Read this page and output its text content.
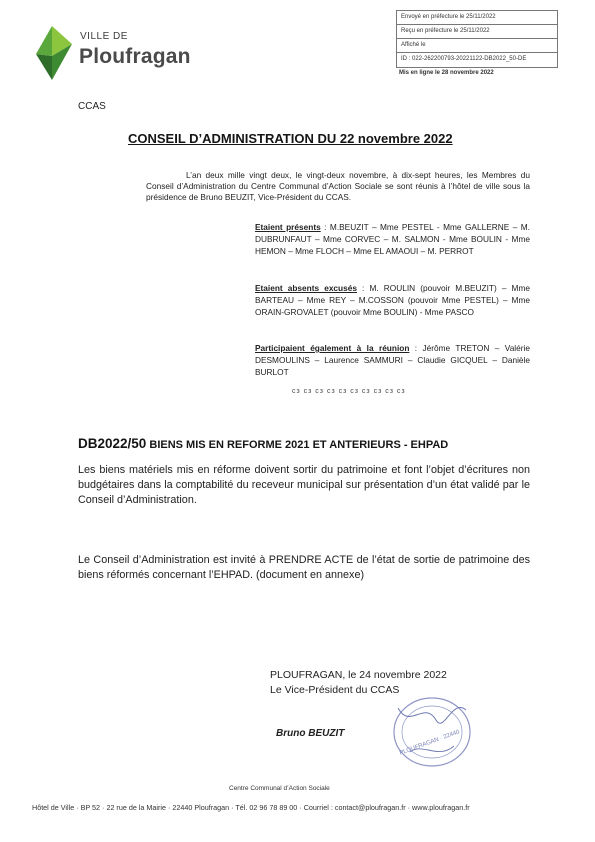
VILLE DE
Ploufragan
Envoyé en préfecture le 25/11/2022
Reçu en préfecture le 25/11/2022
Affiché le
ID : 022-262200793-20221122-DB2022_50-DE
Mis en ligne le 28 novembre 2022
CCAS
CONSEIL D’ADMINISTRATION DU 22 novembre 2022
L’an deux mille vingt deux, le vingt-deux novembre, à dix-sept heures, les Membres du Conseil d’Administration du Centre Communal d’Action Sociale se sont réunis à l’hôtel de ville sous la présidence de Bruno BEUZIT, Vice-Président du CCAS.
Etaient présents : M.BEUZIT – Mme PESTEL - Mme GALLERNE – M. DUBRUNFAUT – Mme CORVEC – M. SALMON - Mme BOULIN - Mme HEMON – Mme FLOCH – Mme EL AMAOUI – M. PERROT
Etaient absents excusés : M. ROULIN (pouvoir M.BEUZIT) – Mme BARTEAU – Mme REY – M.COSSON (pouvoir Mme PESTEL) – Mme ORAIN-GROVALET (pouvoir Mme BOULIN) - Mme PASCO
Participaient également à la réunion : Jérôme TRETON – Valérie DESMOULINS – Laurence SAMMURI – Claudie GICQUEL – Danièle BURLOT
ᴄᴈ ᴄᴈ ᴄᴈ ᴄᴈ ᴄᴈ ᴄᴈ ᴄᴈ ᴄᴈ ᴄᴈ ᴄᴈ
DB2022/50 BIENS MIS EN REFORME 2021 ET ANTERIEURS - EHPAD
Les biens matériels mis en réforme doivent sortir du patrimoine et font l’objet d’écritures non budgétaires dans la comptabilité du receveur municipal sur présentation d’un état validé par le Conseil d’Administration.
Le Conseil d’Administration est invité à PRENDRE ACTE de l’état de sortie de patrimoine des biens réformés concernant l’EHPAD. (document en annexe)
PLOUFRAGAN, le 24 novembre 2022
Le Vice-Président du CCAS
Bruno BEUZIT	PLOUFRAGAN · 22440
Centre Communal d’Action Sociale
Hôtel de Ville · BP 52 · 22 rue de la Mairie · 22440 Ploufragan · Tél. 02 96 78 89 00 · Courriel : contact@ploufragan.fr · www.ploufragan.fr
